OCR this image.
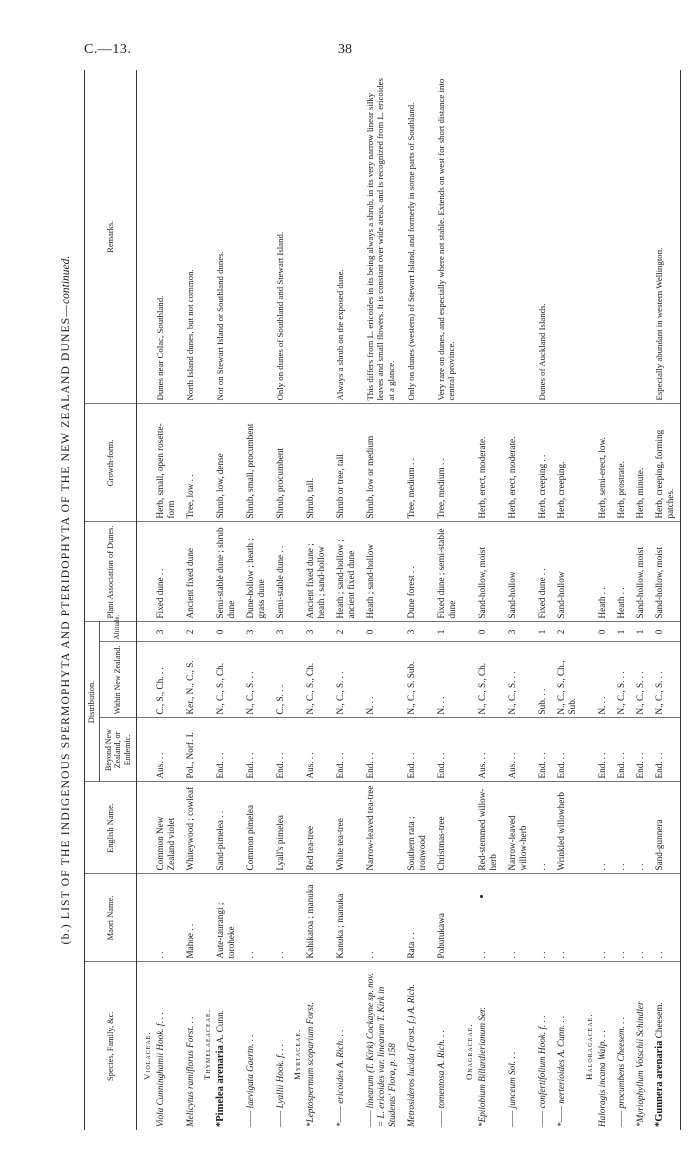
C.—13.	38
(b.) LIST OF THE INDIGENOUS SPERMOPHYTA AND PTERIDOPHYTA OF THE NEW ZEALAND DUNES—continued.
Species, Family, &c.	Maori Name.	English Name.	Distribution.			Plant Association of Dunes.	Growth-form.	Remarks.
			Beyond New Zealand, or Endemic.	Within New Zealand.	Altitude.			
Violaceae.								
Viola Cunninghamii Hook. f. . .	. .	Common New Zealand violet	Aus. . .	C., S., Ch. . .	3	Fixed dune . .	Herb, small, open rosette-form	Dunes near Colac, Southland.
Melicytus ramiflorus Forst. . .	Mahoe . .	Whiteywood ; cowleaf	Pol., Norf. I.	Ker., N., C., S.	2	Ancient fixed dune	Tree, low . .	North Island dunes, but not common.
Thymelaeaceae.								
*Pimelea arenaria A. Cunn.	Aute-taurangi ; toroheke	Sand-pimelea . .	End. . .	N., C., S., Ch.	0	Semi-stable dune ; shrub dune	Shrub, low, dense	Not on Stewart Island or Southland dunes.
—— laevigata Gaertn. . .	. .	Common pimelea	End. . .	N., C., S. . .	3	Dune-hollow ; heath ; grass dune	Shrub, small, procumbent	
—— Lyallii Hook. f. . .	. .	Lyall's pimelea	End. . .	C., S. . .	3	Semi-stable dune . .	Shrub, procumbent	Only on dunes of Southland and Stewart Island.
Myrtaceae.								
*Leptospermum scoparium Forst.	Kahikatoa ; manuka	Red tea-tree	Aus. . .	N., C., S., Ch.	3	Ancient fixed dune ; heath ; sand-hollow	Shrub, tall.	
*—— ericoides A. Rich. . .	Kanuka ; manuka	White tea-tree	End. . .	N., C., S. . .	2	Heath ; sand-hollow ; ancient fixed dune	Shrub or tree, tall	Always a shrub on the exposed dune.
—— linearum (T. Kirk) Cockayne sp. nov. = L. ericoides var. linearum T. Kirk in Students' Flora, p. 158	. .	Narrow-leaved tea-tree	End. . .	N. . .	0	Heath ; sand-hollow	Shrub, low or medium	This differs from L. ericoides in its being always a shrub, in its very narrow linear silky leaves and small flowers. It is constant over wide areas, and is recognized from L. ericoides at a glance.
Metrosideros lucida (Forst. f.) A. Rich.	Rata . .	Southern rata ; ironwood	End. . .	N., C., S. Sub.	3	Dune forest . .	Tree, medium . .	Only on dunes (western) of Stewart Island, and formerly in some parts of Southland.
—— tomentosa A. Rich. . .	Pohutukawa	Christmas-tree	End. . .	N. . .	1	Fixed dune ; semi-stable dune	Tree, medium . .	Very rare on dunes, and especially where not stable. Extends on west for short distance into central province.
Onagraceae.								
*Epilobium Billardierianum Ser.	. .	Red-stemmed willow-herb	Aus. . .	N., C., S., Ch.	0	Sand-hollow, moist	Herb, erect, moderate.	
—— junceum Sol. . .	. .	Narrow-leaved willow-herb	Aus. . .	N., C., S. . .	3	Sand-hollow	Herb, erect, moderate.	
—— confertifolium Hook. f. . .	. .	. .	End. . .	Sub. . .	1	Fixed dune . .	Herb, creeping . .	Dunes of Auckland Islands.
*—— nerterioides A. Cunn. . .	. .	Wrinkled willowherb	End. . .	N., C., S., Ch., Sub.	2	Sand-hollow	Herb, creeping.	
Haloragaceae.								
Haloragis incana Walp. . .	. .	. .	End. . .	N. . .	0	Heath . .	Herb, semi-erect, low.	
—— procumbens Cheesem. . .	. .	. .	End. . .	N., C., S. . .	1	Heath . .	Herb, prostrate.	
*Myriophyllum Votschii Schindler	. .	. .	End. . .	N., C., S. . .	1	Sand-hollow, moist	Herb, minute.	
*Gunnera arenaria Cheesem.	. .	Sand-gunnera	End. . .	N., C., S. . .	0	Sand-hollow, moist	Herb, creeping, forming patches.	Especially abundant in western Wellington.
